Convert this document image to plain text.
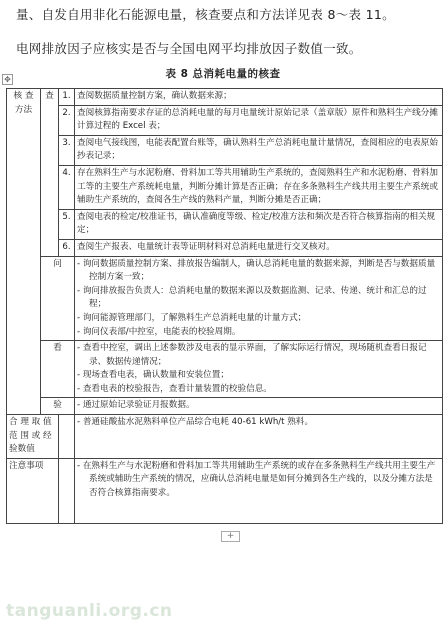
量、自发自用非化石能源电量，核查要点和方法详见表 8～表 11。
电网排放因子应核实是否与全国电网平均排放因子数值一致。
✥	表 8 总消耗电量的核查
核 查
方法	查	1.	查阅数据质量控制方案，确认数据来源；
		2.	查阅核算指南要求存证的总消耗电量的每月电量统计原始记录（盖章版）原件和熟料生产线分摊计算过程的 Excel 表；
		3.	查阅电气接线图，电能表配置台账等，确认熟料生产总消耗电量计量情况，查阅相应的电表原始抄表记录；
		4.	存在熟料生产与水泥粉磨、骨料加工等共用辅助生产系统的，查阅熟料生产和水泥粉磨、骨料加工等的主要生产系统耗电量，判断分摊计算是否正确；存在多条熟料生产线共用主要生产系统或辅助生产系统的，查阅各生产线的熟料产量，判断分摊是否正确；
		5.	查阅电表的检定/校准证书，确认准确度等级、检定/校准方法和频次是否符合核算指南的相关规定；
		6.	查阅生产报表、电量统计表等证明材料对总消耗电量进行交叉核对。
	问		- 询问数据质量控制方案、排放报告编制人，确认总消耗电量的数据来源，判断是否与数据质量控制方案一致；
- 询问排放报告负责人：总消耗电量的数据来源以及数据监测、记录、传递、统计和汇总的过程；
- 询问能源管理部门，了解熟料生产总消耗电量的计量方式；
- 询问仪表部/中控室，电能表的校验周期。

	看		- 查看中控室，调出上述参数涉及电表的显示界面，了解实际运行情况，现场随机查看日报记录、数据传递情况；
- 现场查看电表，确认数量和安装位置；
- 查看电表的校验报告，查看计量装置的校验信息。

	验		- 通过原始记录验证月报数据。

合 理 取 值
范 围 或 经
验数值			- 普通硅酸盐水泥熟料单位产品综合电耗 40-61 kWh/t 熟料。

注意事项			- 在熟料生产与水泥粉磨和骨料加工等共用辅助生产系统的或存在多条熟料生产线共用主要生产系统或辅助生产系统的情况，应确认总消耗电量是如何分摊到各生产线的，以及分摊方法是否符合核算指南要求。
+
tanguanli.org.cn
